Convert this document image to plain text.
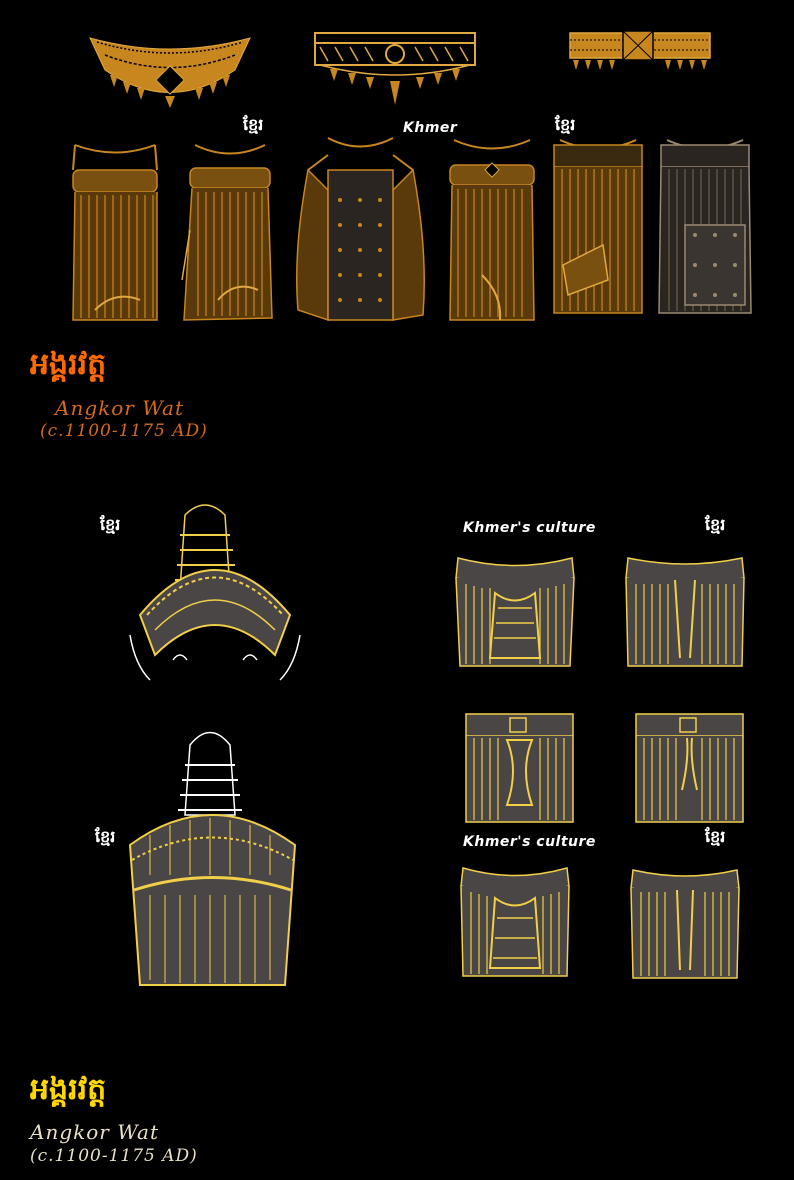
ខ្មែរ	Khmer	ខ្មែរ
អង្គរវត្ត
Angkor Wat
(c.1100-1175 AD)
ខ្មែរ
ខ្មែរ
Khmer's culture	ខ្មែរ
Khmer's culture	ខ្មែរ
អង្គរវត្ត
Angkor Wat
(c.1100-1175 AD)
